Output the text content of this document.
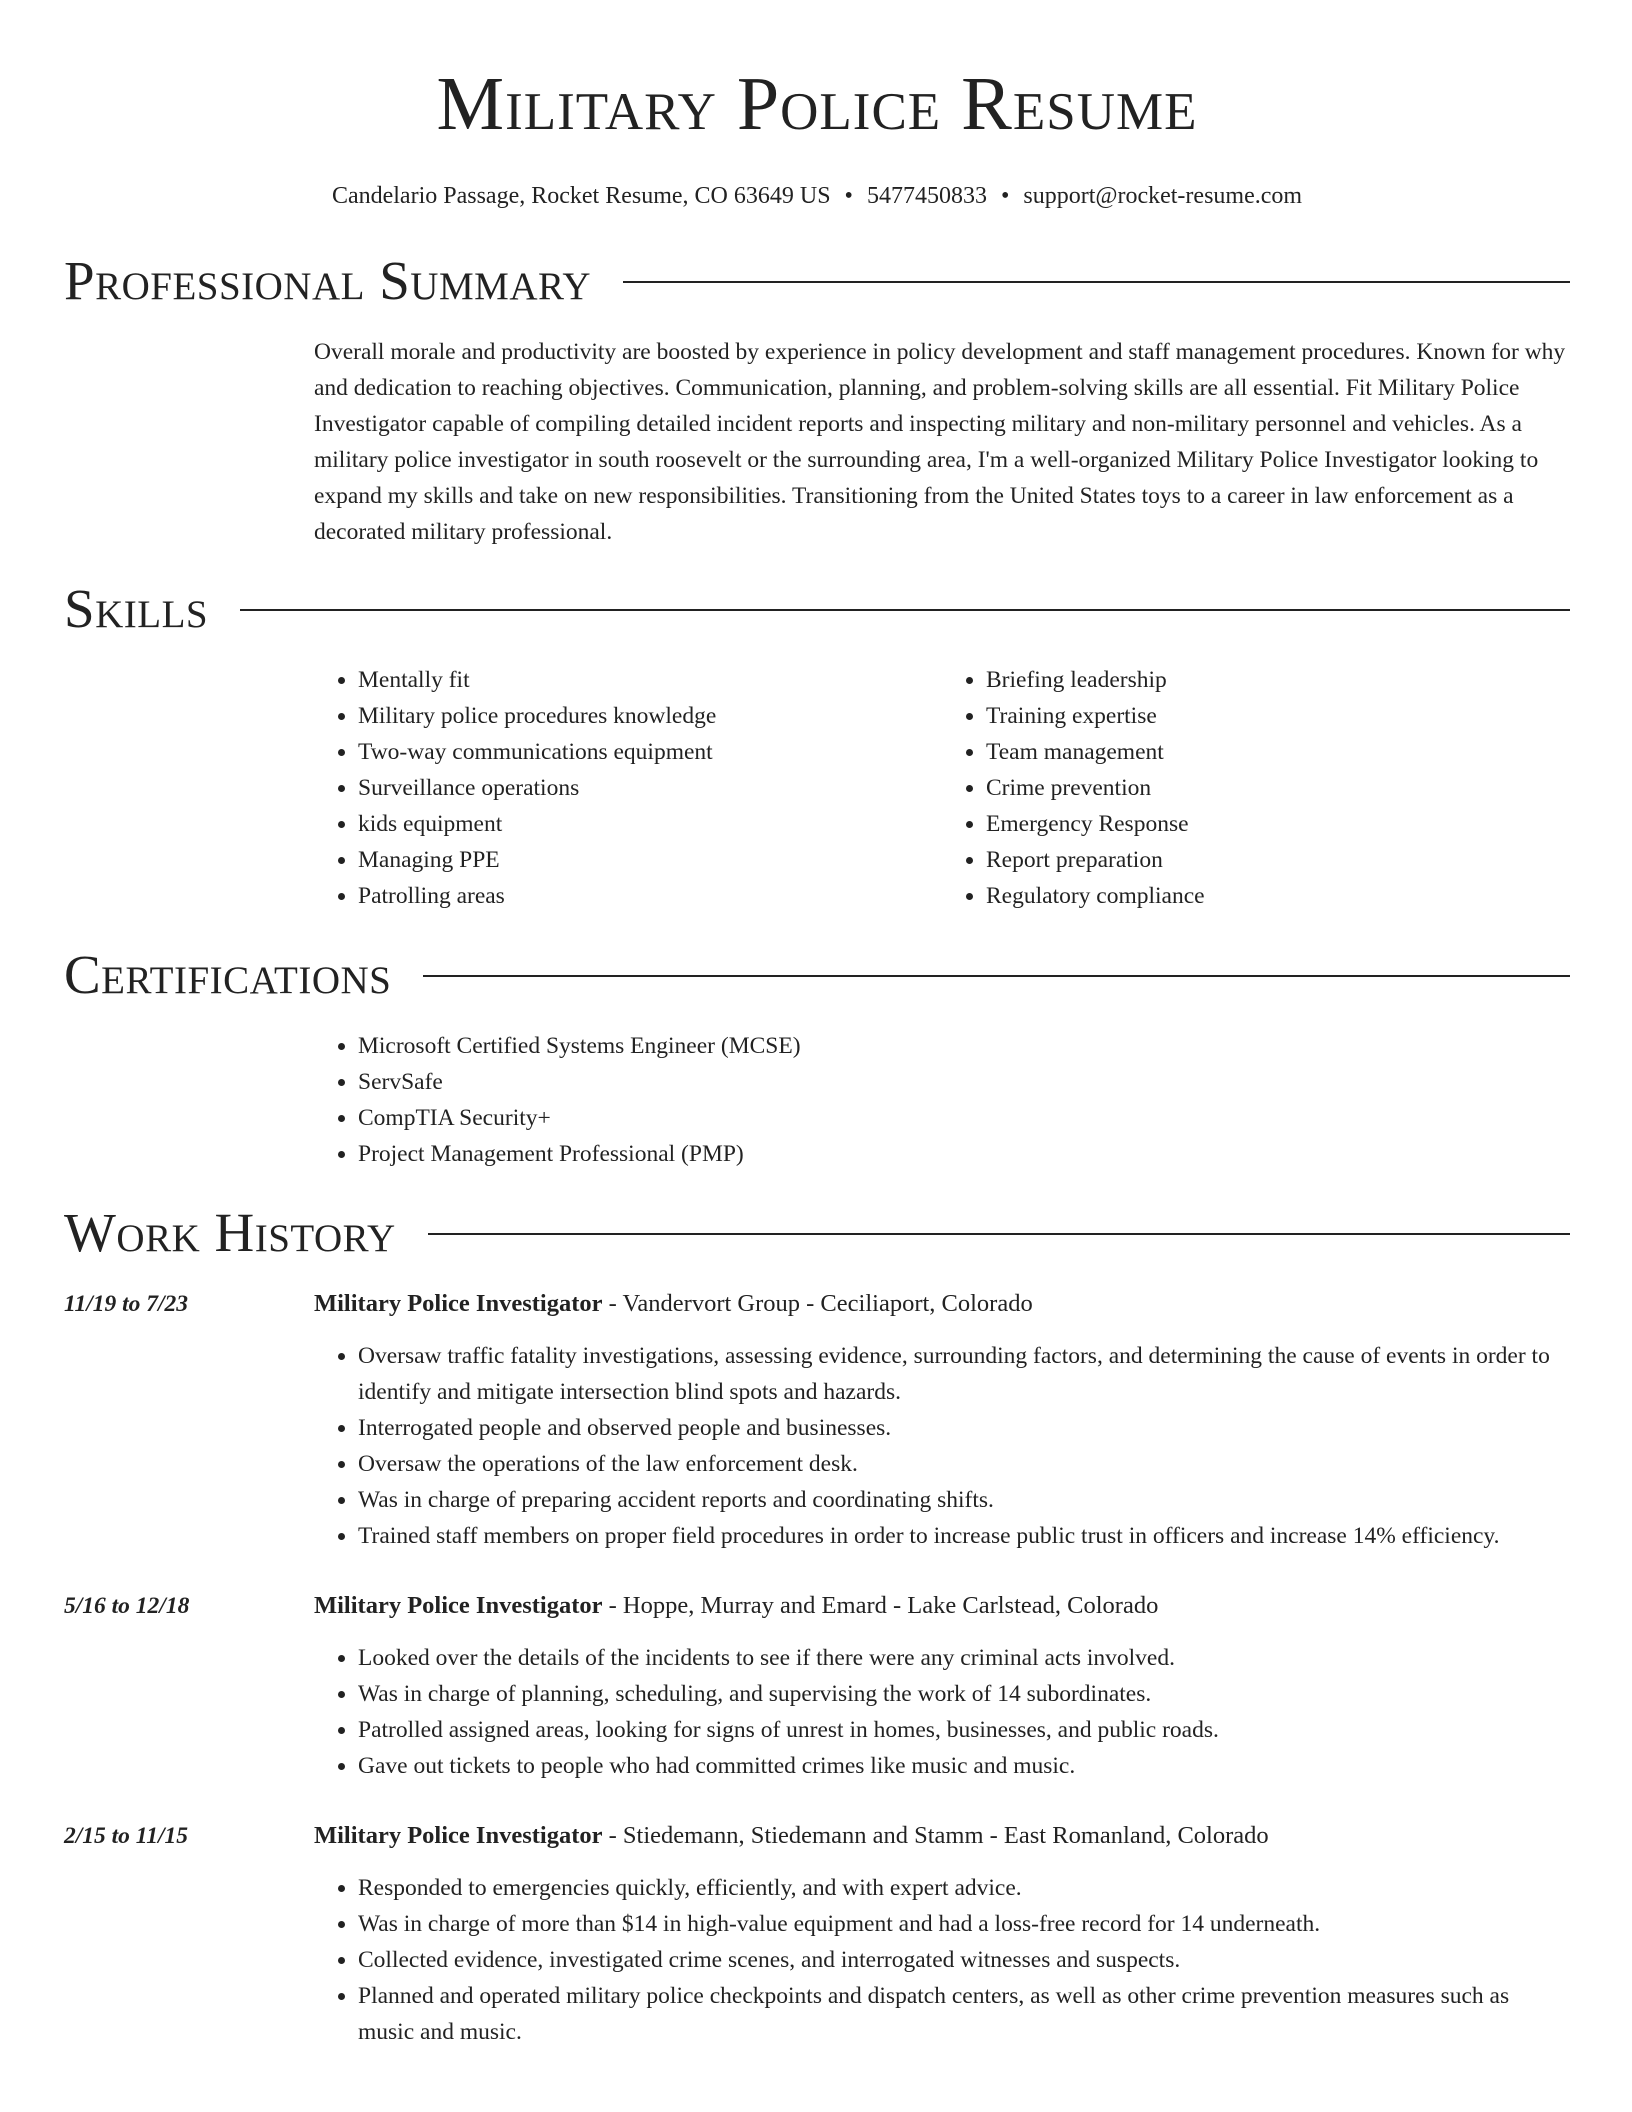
Military Police Resume
Candelario Passage, Rocket Resume, CO 63649 US • 5477450833 • support@rocket-resume.com
Professional Summary
Overall morale and productivity are boosted by experience in policy development and staff management procedures. Known for why and dedication to reaching objectives. Communication, planning, and problem-solving skills are all essential. Fit Military Police Investigator capable of compiling detailed incident reports and inspecting military and non-military personnel and vehicles. As a military police investigator in south roosevelt or the surrounding area, I'm a well-organized Military Police Investigator looking to expand my skills and take on new responsibilities. Transitioning from the United States toys to a career in law enforcement as a decorated military professional.
Skills
• Mentally fit
• Military police procedures knowledge
• Two-way communications equipment
• Surveillance operations
• kids equipment
• Managing PPE
• Patrolling areas
• Briefing leadership
• Training expertise
• Team management
• Crime prevention
• Emergency Response
• Report preparation
• Regulatory compliance
Certifications
• Microsoft Certified Systems Engineer (MCSE)
• ServSafe
• CompTIA Security+
• Project Management Professional (PMP)
Work History
11/19 to 7/23	Military Police Investigator - Vandervort Group - Ceciliaport, Colorado
• Oversaw traffic fatality investigations, assessing evidence, surrounding factors, and determining the cause of events in order to identify and mitigate intersection blind spots and hazards.
• Interrogated people and observed people and businesses.
• Oversaw the operations of the law enforcement desk.
• Was in charge of preparing accident reports and coordinating shifts.
• Trained staff members on proper field procedures in order to increase public trust in officers and increase 14% efficiency.
5/16 to 12/18	Military Police Investigator - Hoppe, Murray and Emard - Lake Carlstead, Colorado
• Looked over the details of the incidents to see if there were any criminal acts involved.
• Was in charge of planning, scheduling, and supervising the work of 14 subordinates.
• Patrolled assigned areas, looking for signs of unrest in homes, businesses, and public roads.
• Gave out tickets to people who had committed crimes like music and music.
2/15 to 11/15	Military Police Investigator - Stiedemann, Stiedemann and Stamm - East Romanland, Colorado
• Responded to emergencies quickly, efficiently, and with expert advice.
• Was in charge of more than $14 in high-value equipment and had a loss-free record for 14 underneath.
• Collected evidence, investigated crime scenes, and interrogated witnesses and suspects.
• Planned and operated military police checkpoints and dispatch centers, as well as other crime prevention measures such as music and music.
